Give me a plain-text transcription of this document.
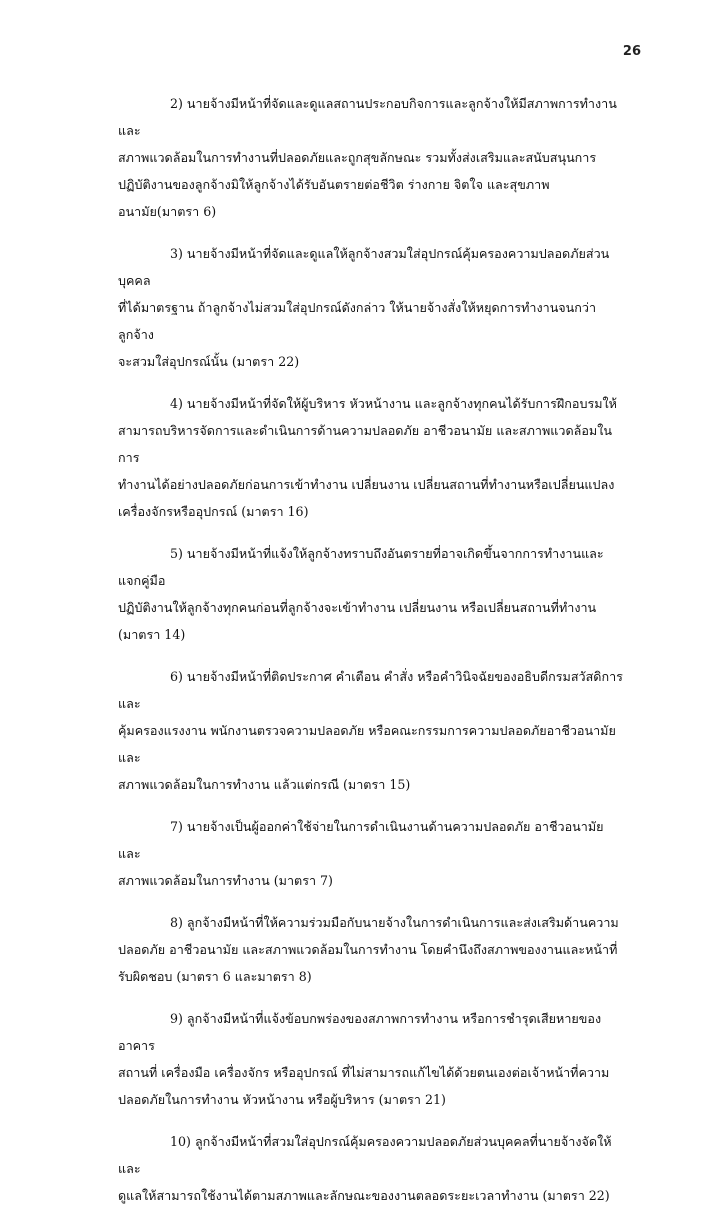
26

2) นายจ้างมีหน้าที่จัดและดูแลสถานประกอบกิจการและลูกจ้างให้มีสภาพการทำงานและ
สภาพแวดล้อมในการทำงานที่ปลอดภัยและถูกสุขลักษณะ รวมทั้งส่งเสริมและสนับสนุนการ
ปฏิบัติงานของลูกจ้างมิให้ลูกจ้างได้รับอันตรายต่อชีวิต ร่างกาย จิตใจ และสุขภาพอนามัย(มาตรา 6)

3) นายจ้างมีหน้าที่จัดและดูแลให้ลูกจ้างสวมใส่อุปกรณ์คุ้มครองความปลอดภัยส่วนบุคคล
ที่ได้มาตรฐาน ถ้าลูกจ้างไม่สวมใส่อุปกรณ์ดังกล่าว ให้นายจ้างสั่งให้หยุดการทำงานจนกว่าลูกจ้าง
จะสวมใส่อุปกรณ์นั้น (มาตรา 22)

4) นายจ้างมีหน้าที่จัดให้ผู้บริหาร หัวหน้างาน และลูกจ้างทุกคนได้รับการฝึกอบรมให้
สามารถบริหารจัดการและดำเนินการด้านความปลอดภัย อาชีวอนามัย และสภาพแวดล้อมในการ
ทำงานได้อย่างปลอดภัยก่อนการเข้าทำงาน เปลี่ยนงาน เปลี่ยนสถานที่ทำงานหรือเปลี่ยนแปลง
เครื่องจักรหรืออุปกรณ์ (มาตรา 16)

5) นายจ้างมีหน้าที่แจ้งให้ลูกจ้างทราบถึงอันตรายที่อาจเกิดขึ้นจากการทำงานและแจกคู่มือ
ปฏิบัติงานให้ลูกจ้างทุกคนก่อนที่ลูกจ้างจะเข้าทำงาน เปลี่ยนงาน หรือเปลี่ยนสถานที่ทำงาน
(มาตรา 14)

6) นายจ้างมีหน้าที่ติดประกาศ คำเตือน คำสั่ง หรือคำวินิจฉัยของอธิบดีกรมสวัสดิการและ
คุ้มครองแรงงาน พนักงานตรวจความปลอดภัย หรือคณะกรรมการความปลอดภัยอาชีวอนามัย และ
สภาพแวดล้อมในการทำงาน แล้วแต่กรณี (มาตรา 15)

7) นายจ้างเป็นผู้ออกค่าใช้จ่ายในการดำเนินงานด้านความปลอดภัย อาชีวอนามัยและ
สภาพแวดล้อมในการทำงาน (มาตรา 7)

8) ลูกจ้างมีหน้าที่ให้ความร่วมมือกับนายจ้างในการดำเนินการและส่งเสริมด้านความ
ปลอดภัย อาชีวอนามัย และสภาพแวดล้อมในการทำงาน โดยคำนึงถึงสภาพของงานและหน้าที่
รับผิดชอบ (มาตรา 6 และมาตรา 8)

9) ลูกจ้างมีหน้าที่แจ้งข้อบกพร่องของสภาพการทำงาน หรือการชำรุดเสียหายของอาคาร
สถานที่ เครื่องมือ เครื่องจักร หรืออุปกรณ์ ที่ไม่สามารถแก้ไขได้ด้วยตนเองต่อเจ้าหน้าที่ความ
ปลอดภัยในการทำงาน หัวหน้างาน หรือผู้บริหาร (มาตรา 21)

10) ลูกจ้างมีหน้าที่สวมใส่อุปกรณ์คุ้มครองความปลอดภัยส่วนบุคคลที่นายจ้างจัดให้ และ
ดูแลให้สามารถใช้งานได้ตามสภาพและลักษณะของงานตลอดระยะเวลาทำงาน (มาตรา 22)
